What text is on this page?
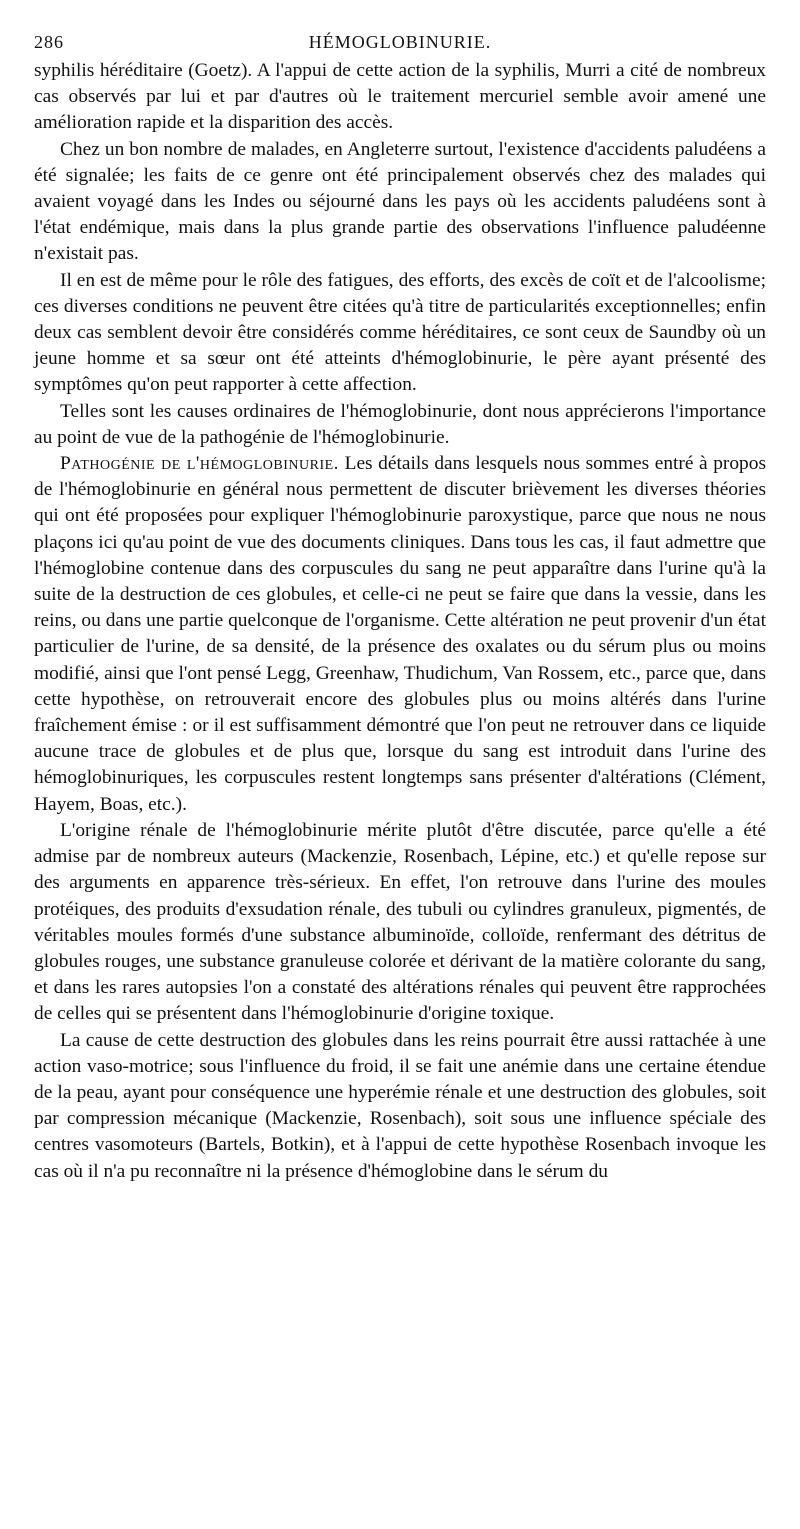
286	HÉMOGLOBINURIE.

syphilis héréditaire (Goetz). A l'appui de cette action de la syphilis, Murri a cité de nombreux cas observés par lui et par d'autres où le traitement mercuriel semble avoir amené une amélioration rapide et la disparition des accès.

Chez un bon nombre de malades, en Angleterre surtout, l'existence d'accidents paludéens a été signalée; les faits de ce genre ont été principalement observés chez des malades qui avaient voyagé dans les Indes ou séjourné dans les pays où les accidents paludéens sont à l'état endémique, mais dans la plus grande partie des observations l'influence paludéenne n'existait pas.

Il en est de même pour le rôle des fatigues, des efforts, des excès de coït et de l'alcoolisme; ces diverses conditions ne peuvent être citées qu'à titre de particularités exceptionnelles; enfin deux cas semblent devoir être considérés comme héréditaires, ce sont ceux de Saundby où un jeune homme et sa sœur ont été atteints d'hémoglobinurie, le père ayant présenté des symptômes qu'on peut rapporter à cette affection.

Telles sont les causes ordinaires de l'hémoglobinurie, dont nous apprécierons l'importance au point de vue de la pathogénie de l'hémoglobinurie.

Pathogénie de l'hémoglobinurie. Les détails dans lesquels nous sommes entré à propos de l'hémoglobinurie en général nous permettent de discuter brièvement les diverses théories qui ont été proposées pour expliquer l'hémoglobinurie paroxystique, parce que nous ne nous plaçons ici qu'au point de vue des documents cliniques. Dans tous les cas, il faut admettre que l'hémoglobine contenue dans des corpuscules du sang ne peut apparaître dans l'urine qu'à la suite de la destruction de ces globules, et celle-ci ne peut se faire que dans la vessie, dans les reins, ou dans une partie quelconque de l'organisme. Cette altération ne peut provenir d'un état particulier de l'urine, de sa densité, de la présence des oxalates ou du sérum plus ou moins modifié, ainsi que l'ont pensé Legg, Greenhaw, Thudichum, Van Rossem, etc., parce que, dans cette hypothèse, on retrouverait encore des globules plus ou moins altérés dans l'urine fraîchement émise : or il est suffisamment démontré que l'on peut ne retrouver dans ce liquide aucune trace de globules et de plus que, lorsque du sang est introduit dans l'urine des hémoglobinuriques, les corpuscules restent longtemps sans présenter d'altérations (Clément, Hayem, Boas, etc.).

L'origine rénale de l'hémoglobinurie mérite plutôt d'être discutée, parce qu'elle a été admise par de nombreux auteurs (Mackenzie, Rosenbach, Lépine, etc.) et qu'elle repose sur des arguments en apparence très-sérieux. En effet, l'on retrouve dans l'urine des moules protéiques, des produits d'exsudation rénale, des tubuli ou cylindres granuleux, pigmentés, de véritables moules formés d'une substance albuminoïde, colloïde, renfermant des détritus de globules rouges, une substance granuleuse colorée et dérivant de la matière colorante du sang, et dans les rares autopsies l'on a constaté des altérations rénales qui peuvent être rapprochées de celles qui se présentent dans l'hémoglobinurie d'origine toxique.

La cause de cette destruction des globules dans les reins pourrait être aussi rattachée à une action vaso-motrice; sous l'influence du froid, il se fait une anémie dans une certaine étendue de la peau, ayant pour conséquence une hyperémie rénale et une destruction des globules, soit par compression mécanique (Mackenzie, Rosenbach), soit sous une influence spéciale des centres vasomoteurs (Bartels, Botkin), et à l'appui de cette hypothèse Rosenbach invoque les cas où il n'a pu reconnaître ni la présence d'hémoglobine dans le sérum du
